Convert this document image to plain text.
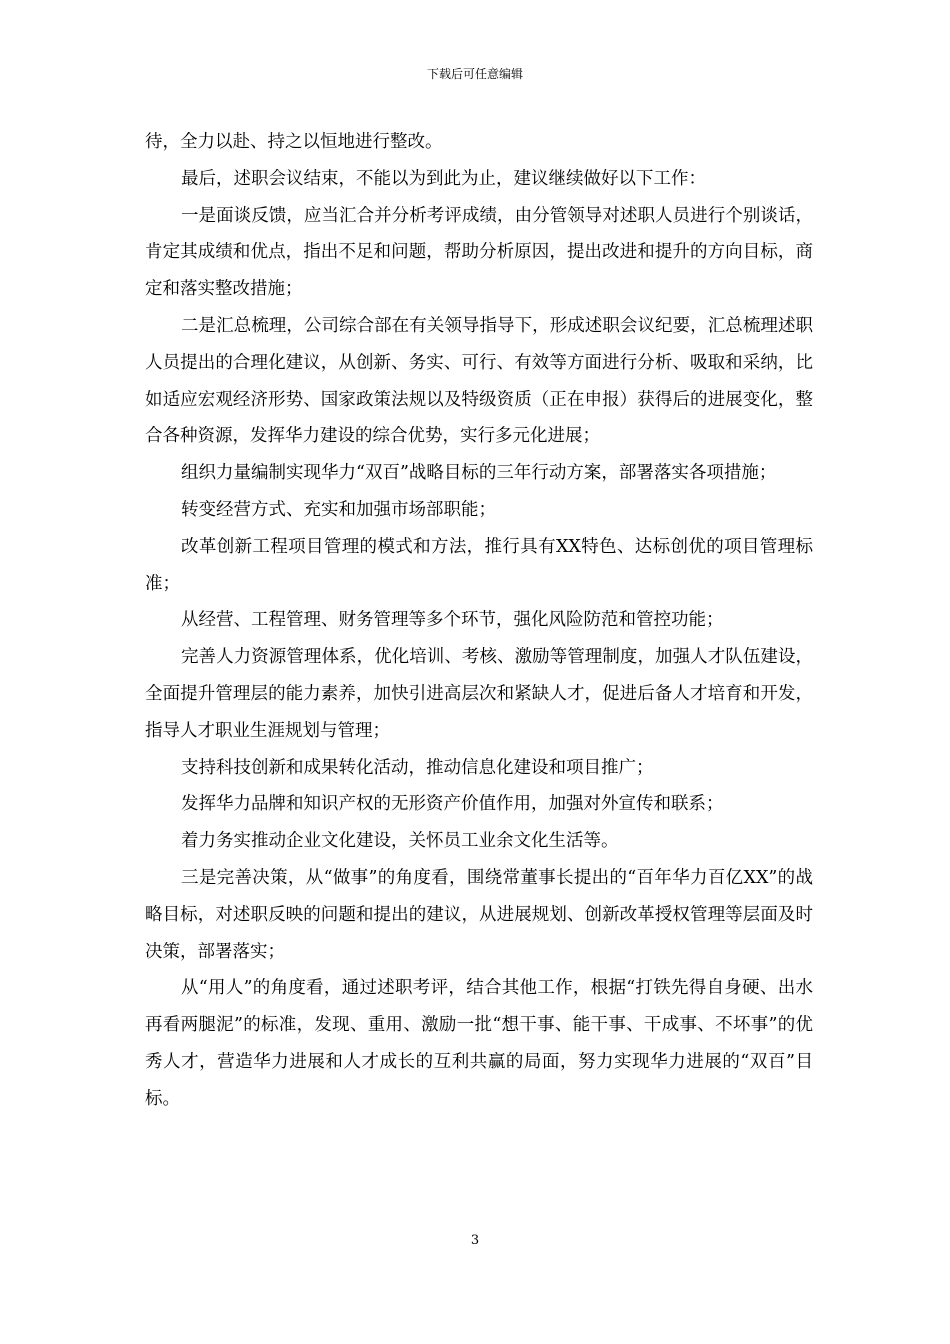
下载后可任意编辑

待，全力以赴、持之以恒地进行整改。

最后，述职会议结束，不能以为到此为止，建议继续做好以下工作：

一是面谈反馈，应当汇合并分析考评成绩，由分管领导对述职人员进行个别谈话，肯定其成绩和优点，指出不足和问题，帮助分析原因，提出改进和提升的方向目标，商定和落实整改措施；

二是汇总梳理，公司综合部在有关领导指导下，形成述职会议纪要，汇总梳理述职人员提出的合理化建议，从创新、务实、可行、有效等方面进行分析、吸取和采纳，比如适应宏观经济形势、国家政策法规以及特级资质（正在申报）获得后的进展变化，整合各种资源，发挥华力建设的综合优势，实行多元化进展；

组织力量编制实现华力“双百”战略目标的三年行动方案，部署落实各项措施；

转变经营方式、充实和加强市场部职能；

改革创新工程项目管理的模式和方法，推行具有XX特色、达标创优的项目管理标准；

从经营、工程管理、财务管理等多个环节，强化风险防范和管控功能；

完善人力资源管理体系，优化培训、考核、激励等管理制度，加强人才队伍建设，全面提升管理层的能力素养，加快引进高层次和紧缺人才，促进后备人才培育和开发，指导人才职业生涯规划与管理；

支持科技创新和成果转化活动，推动信息化建设和项目推广；

发挥华力品牌和知识产权的无形资产价值作用，加强对外宣传和联系；

着力务实推动企业文化建设，关怀员工业余文化生活等。

三是完善决策，从“做事”的角度看，围绕常董事长提出的“百年华力百亿XX”的战略目标，对述职反映的问题和提出的建议，从进展规划、创新改革授权管理等层面及时决策，部署落实；

从“用人”的角度看，通过述职考评，结合其他工作，根据“打铁先得自身硬、出水再看两腿泥”的标准，发现、重用、激励一批“想干事、能干事、干成事、不坏事”的优秀人才，营造华力进展和人才成长的互利共赢的局面，努力实现华力进展的“双百”目标。

3
